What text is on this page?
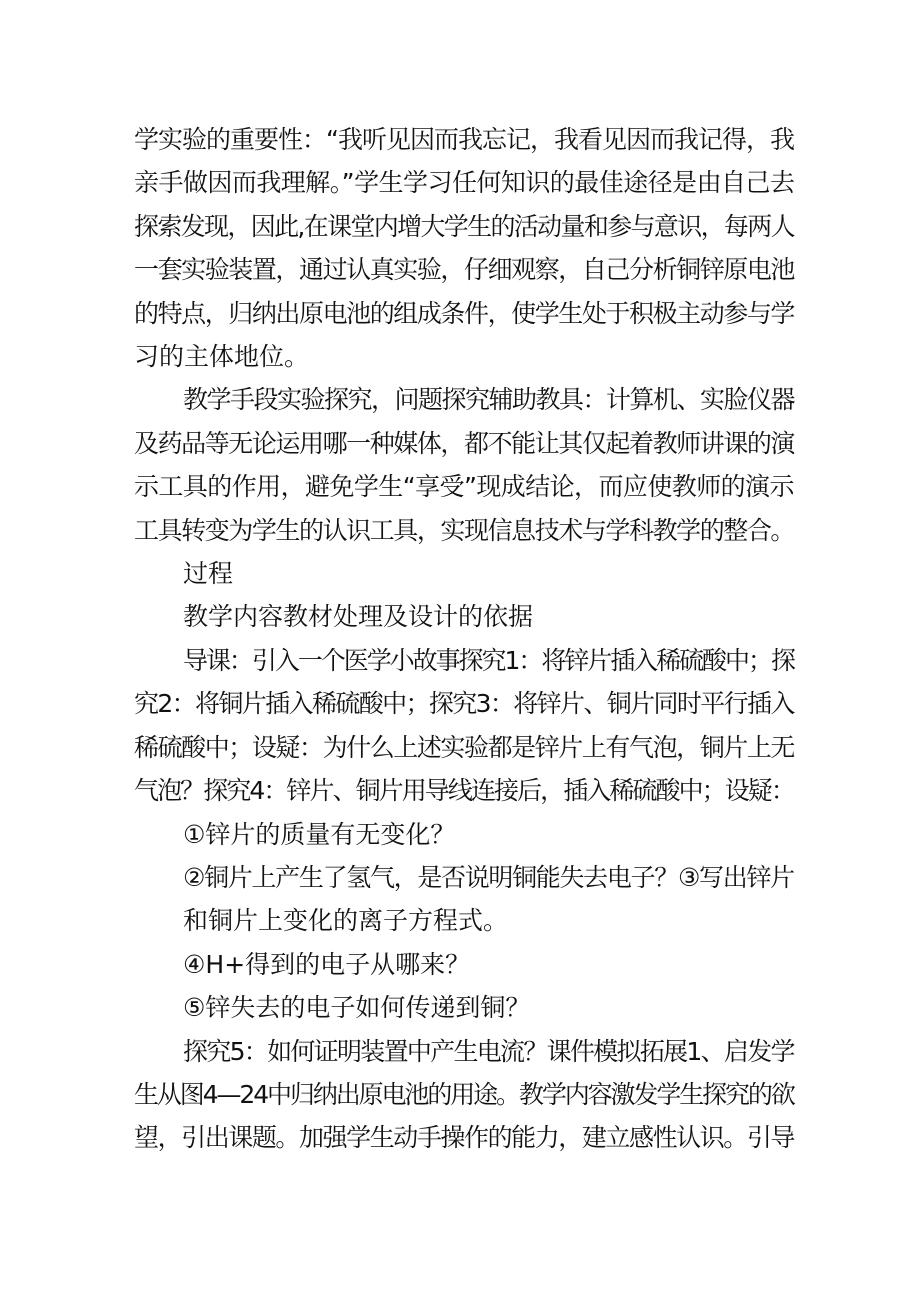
学实验的重要性：“我听见因而我忘记，我看见因而我记得，我
亲手做因而我理解。”学生学习任何知识的最佳途径是由自己去
探索发现，因此,在课堂内增大学生的活动量和参与意识，每两人
一套实验装置，通过认真实验，仔细观察，自己分析铜锌原电池
的特点，归纳出原电池的组成条件，使学生处于积极主动参与学
习的主体地位。
教学手段实验探究，问题探究辅助教具：计算机、实脸仪器
及药品等无论运用哪一种媒体，都不能让其仅起着教师讲课的演
示工具的作用，避免学生“享受”现成结论，而应使教师的演示
工具转变为学生的认识工具，实现信息技术与学科教学的整合。
过程
教学内容教材处理及设计的依据
导课：引入一个医学小故事探究1：将锌片插入稀硫酸中；探
究2：将铜片插入稀硫酸中；探究3：将锌片、铜片同时平行插入
稀硫酸中；设疑：为什么上述实验都是锌片上有气泡，铜片上无
气泡？探究4：锌片、铜片用导线连接后，插入稀硫酸中；设疑：
①锌片的质量有无变化？
②铜片上产生了氢气，是否说明铜能失去电子？③写出锌片
和铜片上变化的离子方程式。
④H+得到的电子从哪来？
⑤锌失去的电子如何传递到铜？
探究5：如何证明装置中产生电流？课件模拟拓展1、启发学
生从图4—24中归纳出原电池的用途。教学内容激发学生探究的欲
望，引出课题。加强学生动手操作的能力，建立感性认识。引导
